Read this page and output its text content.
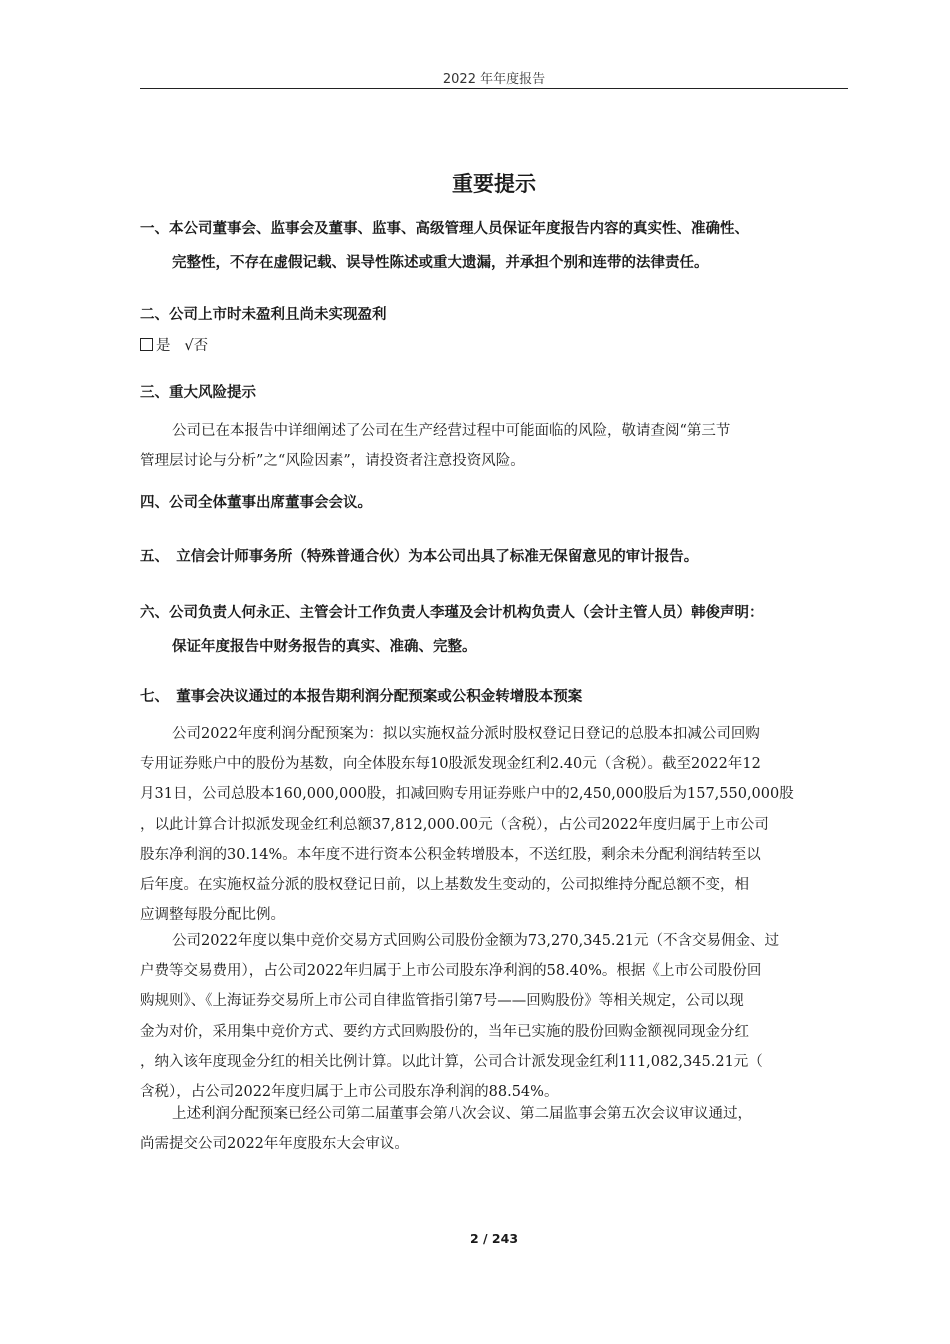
2022 年年度报告
重要提示
一、本公司董事会、监事会及董事、监事、高级管理人员保证年度报告内容的真实性、准确性、
完整性，不存在虚假记载、误导性陈述或重大遗漏，并承担个别和连带的法律责任。
二、公司上市时未盈利且尚未实现盈利
是 √否
三、重大风险提示
公司已在本报告中详细阐述了公司在生产经营过程中可能面临的风险，敬请查阅“第三节
管理层讨论与分析”之“风险因素”，请投资者注意投资风险。
四、公司全体董事出席董事会会议。
五、　立信会计师事务所（特殊普通合伙）为本公司出具了标准无保留意见的审计报告。
六、公司负责人何永正、主管会计工作负责人李瑾及会计机构负责人（会计主管人员）韩俊声明：
保证年度报告中财务报告的真实、准确、完整。
七、　董事会决议通过的本报告期利润分配预案或公积金转增股本预案
公司2022年度利润分配预案为：拟以实施权益分派时股权登记日登记的总股本扣减公司回购
专用证券账户中的股份为基数，向全体股东每10股派发现金红利2.40元（含税）。截至2022年12
月31日，公司总股本160,000,000股，扣减回购专用证券账户中的2,450,000股后为157,550,000股
，以此计算合计拟派发现金红利总额37,812,000.00元（含税），占公司2022年度归属于上市公司
股东净利润的30.14%。本年度不进行资本公积金转增股本，不送红股，剩余未分配利润结转至以
后年度。在实施权益分派的股权登记日前，以上基数发生变动的，公司拟维持分配总额不变，相
应调整每股分配比例。
公司2022年度以集中竞价交易方式回购公司股份金额为73,270,345.21元（不含交易佣金、过
户费等交易费用），占公司2022年归属于上市公司股东净利润的58.40%。根据《上市公司股份回
购规则》、《上海证券交易所上市公司自律监管指引第7号——回购股份》等相关规定，公司以现
金为对价，采用集中竞价方式、要约方式回购股份的，当年已实施的股份回购金额视同现金分红
，纳入该年度现金分红的相关比例计算。以此计算，公司合计派发现金红利111,082,345.21元（
含税），占公司2022年度归属于上市公司股东净利润的88.54%。
上述利润分配预案已经公司第二届董事会第八次会议、第二届监事会第五次会议审议通过，
尚需提交公司2022年年度股东大会审议。
2 / 243
